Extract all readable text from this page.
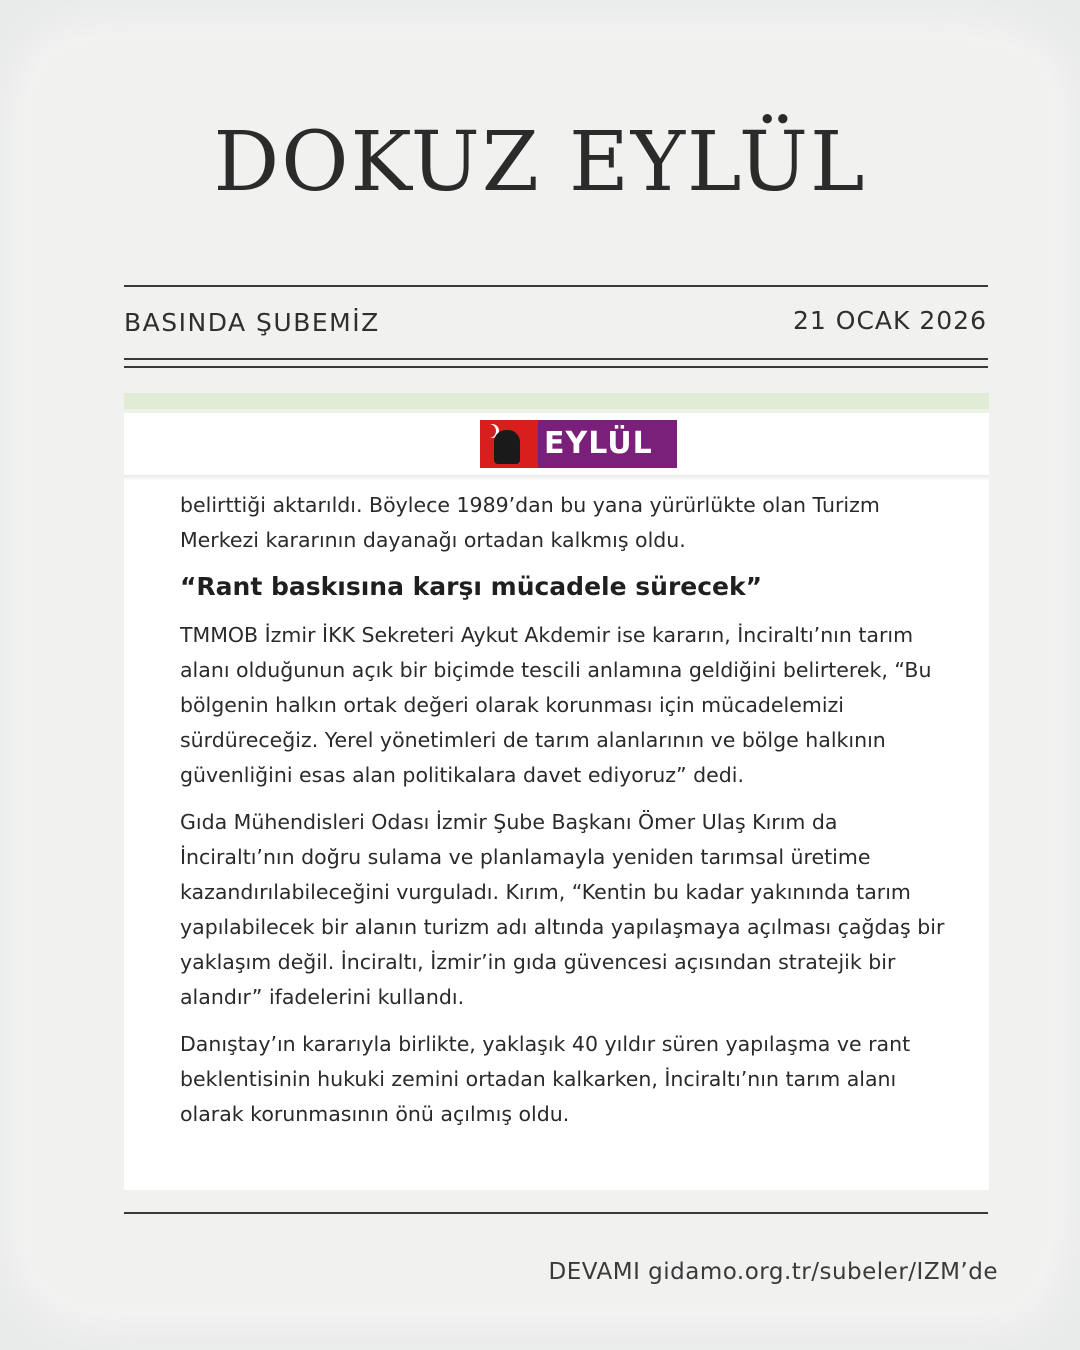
DOKUZ EYLÜL
BASINDA ŞUBEMİZ	21 OCAK 2026
EYLÜL

belirttiği aktarıldı. Böylece 1989’dan bu yana yürürlükte olan Turizm Merkezi kararının dayanağı ortadan kalkmış oldu.

“Rant baskısına karşı mücadele sürecek”

TMMOB İzmir İKK Sekreteri Aykut Akdemir ise kararın, İnciraltı’nın tarım alanı olduğunun açık bir biçimde tescili anlamına geldiğini belirterek, “Bu bölgenin halkın ortak değeri olarak korunması için mücadelemizi sürdüreceğiz. Yerel yönetimleri de tarım alanlarının ve bölge halkının güvenliğini esas alan politikalara davet ediyoruz” dedi.

Gıda Mühendisleri Odası İzmir Şube Başkanı Ömer Ulaş Kırım da İnciraltı’nın doğru sulama ve planlamayla yeniden tarımsal üretime kazandırılabileceğini vurguladı. Kırım, “Kentin bu kadar yakınında tarım yapılabilecek bir alanın turizm adı altında yapılaşmaya açılması çağdaş bir yaklaşım değil. İnciraltı, İzmir’in gıda güvencesi açısından stratejik bir alandır” ifadelerini kullandı.

Danıştay’ın kararıyla birlikte, yaklaşık 40 yıldır süren yapılaşma ve rant beklentisinin hukuki zemini ortadan kalkarken, İnciraltı’nın tarım alanı olarak korunmasının önü açılmış oldu.

DEVAMI gidamo.org.tr/subeler/IZM’de
